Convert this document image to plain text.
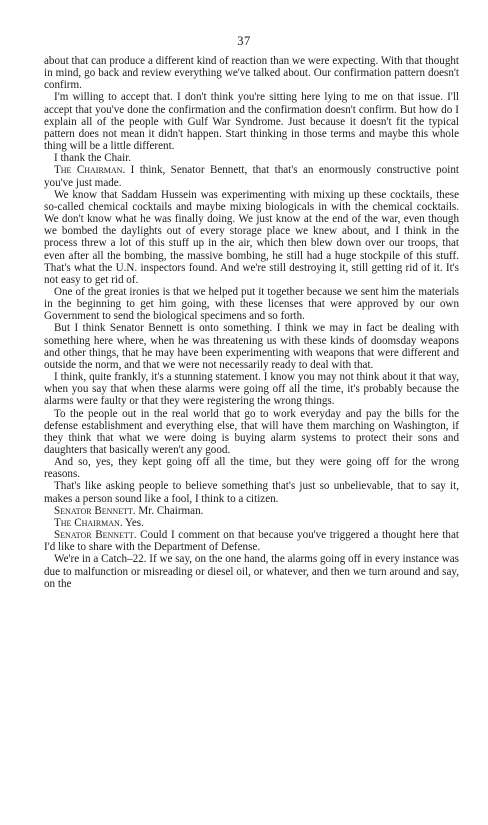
37

about that can produce a different kind of reaction than we were expecting. With that thought in mind, go back and review everything we've talked about. Our confirmation pattern doesn't confirm.

I'm willing to accept that. I don't think you're sitting here lying to me on that issue. I'll accept that you've done the confirmation and the confirmation doesn't confirm. But how do I explain all of the people with Gulf War Syndrome. Just because it doesn't fit the typical pattern does not mean it didn't happen. Start thinking in those terms and maybe this whole thing will be a little different.

I thank the Chair.

The Chairman. I think, Senator Bennett, that that's an enormously constructive point you've just made.

We know that Saddam Hussein was experimenting with mixing up these cocktails, these so-called chemical cocktails and maybe mixing biologicals in with the chemical cocktails. We don't know what he was finally doing. We just know at the end of the war, even though we bombed the daylights out of every storage place we knew about, and I think in the process threw a lot of this stuff up in the air, which then blew down over our troops, that even after all the bombing, the massive bombing, he still had a huge stockpile of this stuff. That's what the U.N. inspectors found. And we're still destroying it, still getting rid of it. It's not easy to get rid of.

One of the great ironies is that we helped put it together because we sent him the materials in the beginning to get him going, with these licenses that were approved by our own Government to send the biological specimens and so forth.

But I think Senator Bennett is onto something. I think we may in fact be dealing with something here where, when he was threatening us with these kinds of doomsday weapons and other things, that he may have been experimenting with weapons that were different and outside the norm, and that we were not necessarily ready to deal with that.

I think, quite frankly, it's a stunning statement. I know you may not think about it that way, when you say that when these alarms were going off all the time, it's probably because the alarms were faulty or that they were registering the wrong things.

To the people out in the real world that go to work everyday and pay the bills for the defense establishment and everything else, that will have them marching on Washington, if they think that what we were doing is buying alarm systems to protect their sons and daughters that basically weren't any good.

And so, yes, they kept going off all the time, but they were going off for the wrong reasons.

That's like asking people to believe something that's just so unbelievable, that to say it, makes a person sound like a fool, I think to a citizen.

Senator Bennett. Mr. Chairman.

The Chairman. Yes.

Senator Bennett. Could I comment on that because you've triggered a thought here that I'd like to share with the Department of Defense.

We're in a Catch–22. If we say, on the one hand, the alarms going off in every instance was due to malfunction or misreading or diesel oil, or whatever, and then we turn around and say, on the
